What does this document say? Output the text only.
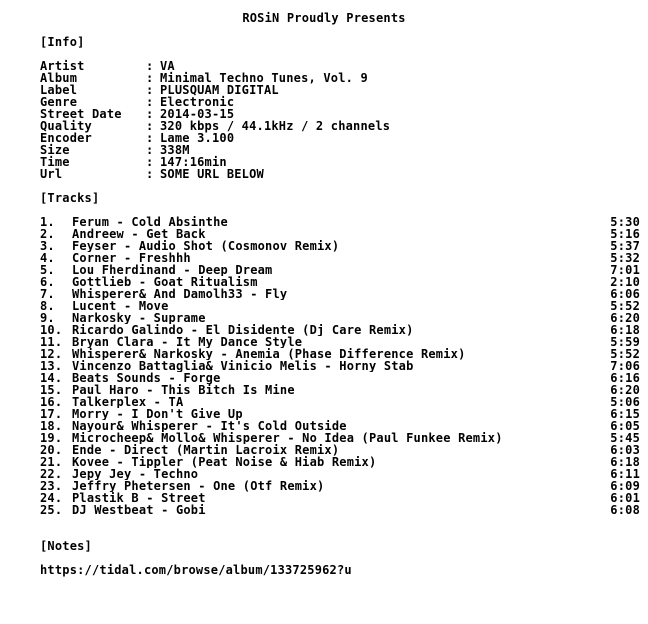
ROSiN Proudly Presents
[Info]
Artist	: VA
Album	: Minimal Techno Tunes, Vol. 9
Label	: PLUSQUAM DIGITAL
Genre	: Electronic
Street Date	: 2014-03-15
Quality	: 320 kbps / 44.1kHz / 2 channels
Encoder	: Lame 3.100
Size	: 338M
Time	: 147:16min
Url	: SOME URL BELOW
[Tracks]
1.	Ferum - Cold Absinthe	5:30
2.	Andreew - Get Back	5:16
3.	Feyser - Audio Shot (Cosmonov Remix)	5:37
4.	Corner - Freshhh	5:32
5.	Lou Fherdinand - Deep Dream	7:01
6.	Gottlieb - Goat Ritualism	2:10
7.	Whisperer& And Damolh33 - Fly	6:06
8.	Lucent - Move	5:52
9.	Narkosky - Suprame	6:20
10. Ricardo Galindo - El Disidente (Dj Care Remix)	6:18
11. Bryan Clara - It My Dance Style	5:59
12. Whisperer& Narkosky - Anemia (Phase Difference Remix)	5:52
13. Vincenzo Battaglia& Vinicio Melis - Horny Stab	7:06
14. Beats Sounds - Forge	6:16
15. Paul Haro - This Bitch Is Mine	6:20
16. Talkerplex - TA	5:06
17. Morry - I Don't Give Up	6:15
18. Nayour& Whisperer - It's Cold Outside	6:05
19. Microcheep& Mollo& Whisperer - No Idea (Paul Funkee Remix)	5:45
20. Ende - Direct (Martin Lacroix Remix)	6:03
21. Kovee - Tippler (Peat Noise & Hiab Remix)	6:18
22. Jepy Jey - Techno	6:11
23. Jeffry Phetersen - One (Otf Remix)	6:09
24. Plastik B - Street	6:01
25. DJ Westbeat - Gobi	6:08
[Notes]
https://tidal.com/browse/album/133725962?u
